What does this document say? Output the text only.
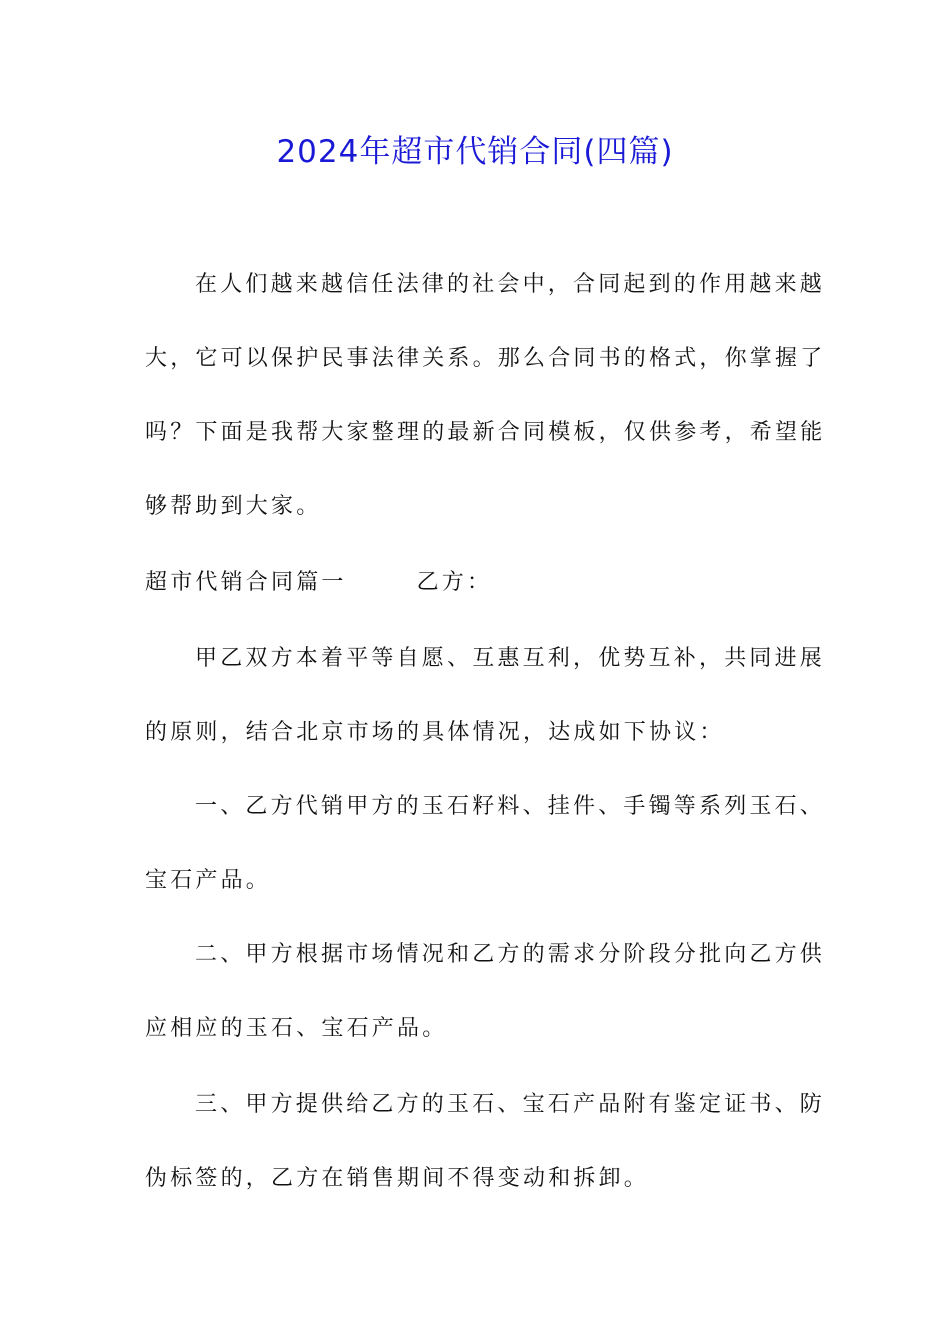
2024年超市代销合同(四篇)
在人们越来越信任法律的社会中，合同起到的作用越来越
大，它可以保护民事法律关系。那么合同书的格式，你掌握了
吗？下面是我帮大家整理的最新合同模板，仅供参考，希望能
够帮助到大家。
超市代销合同篇一	乙方：
甲乙双方本着平等自愿、互惠互利，优势互补，共同进展
的原则，结合北京市场的具体情况，达成如下协议：
一、乙方代销甲方的玉石籽料、挂件、手镯等系列玉石、
宝石产品。
二、甲方根据市场情况和乙方的需求分阶段分批向乙方供
应相应的玉石、宝石产品。
三、甲方提供给乙方的玉石、宝石产品附有鉴定证书、防
伪标签的，乙方在销售期间不得变动和拆卸。
